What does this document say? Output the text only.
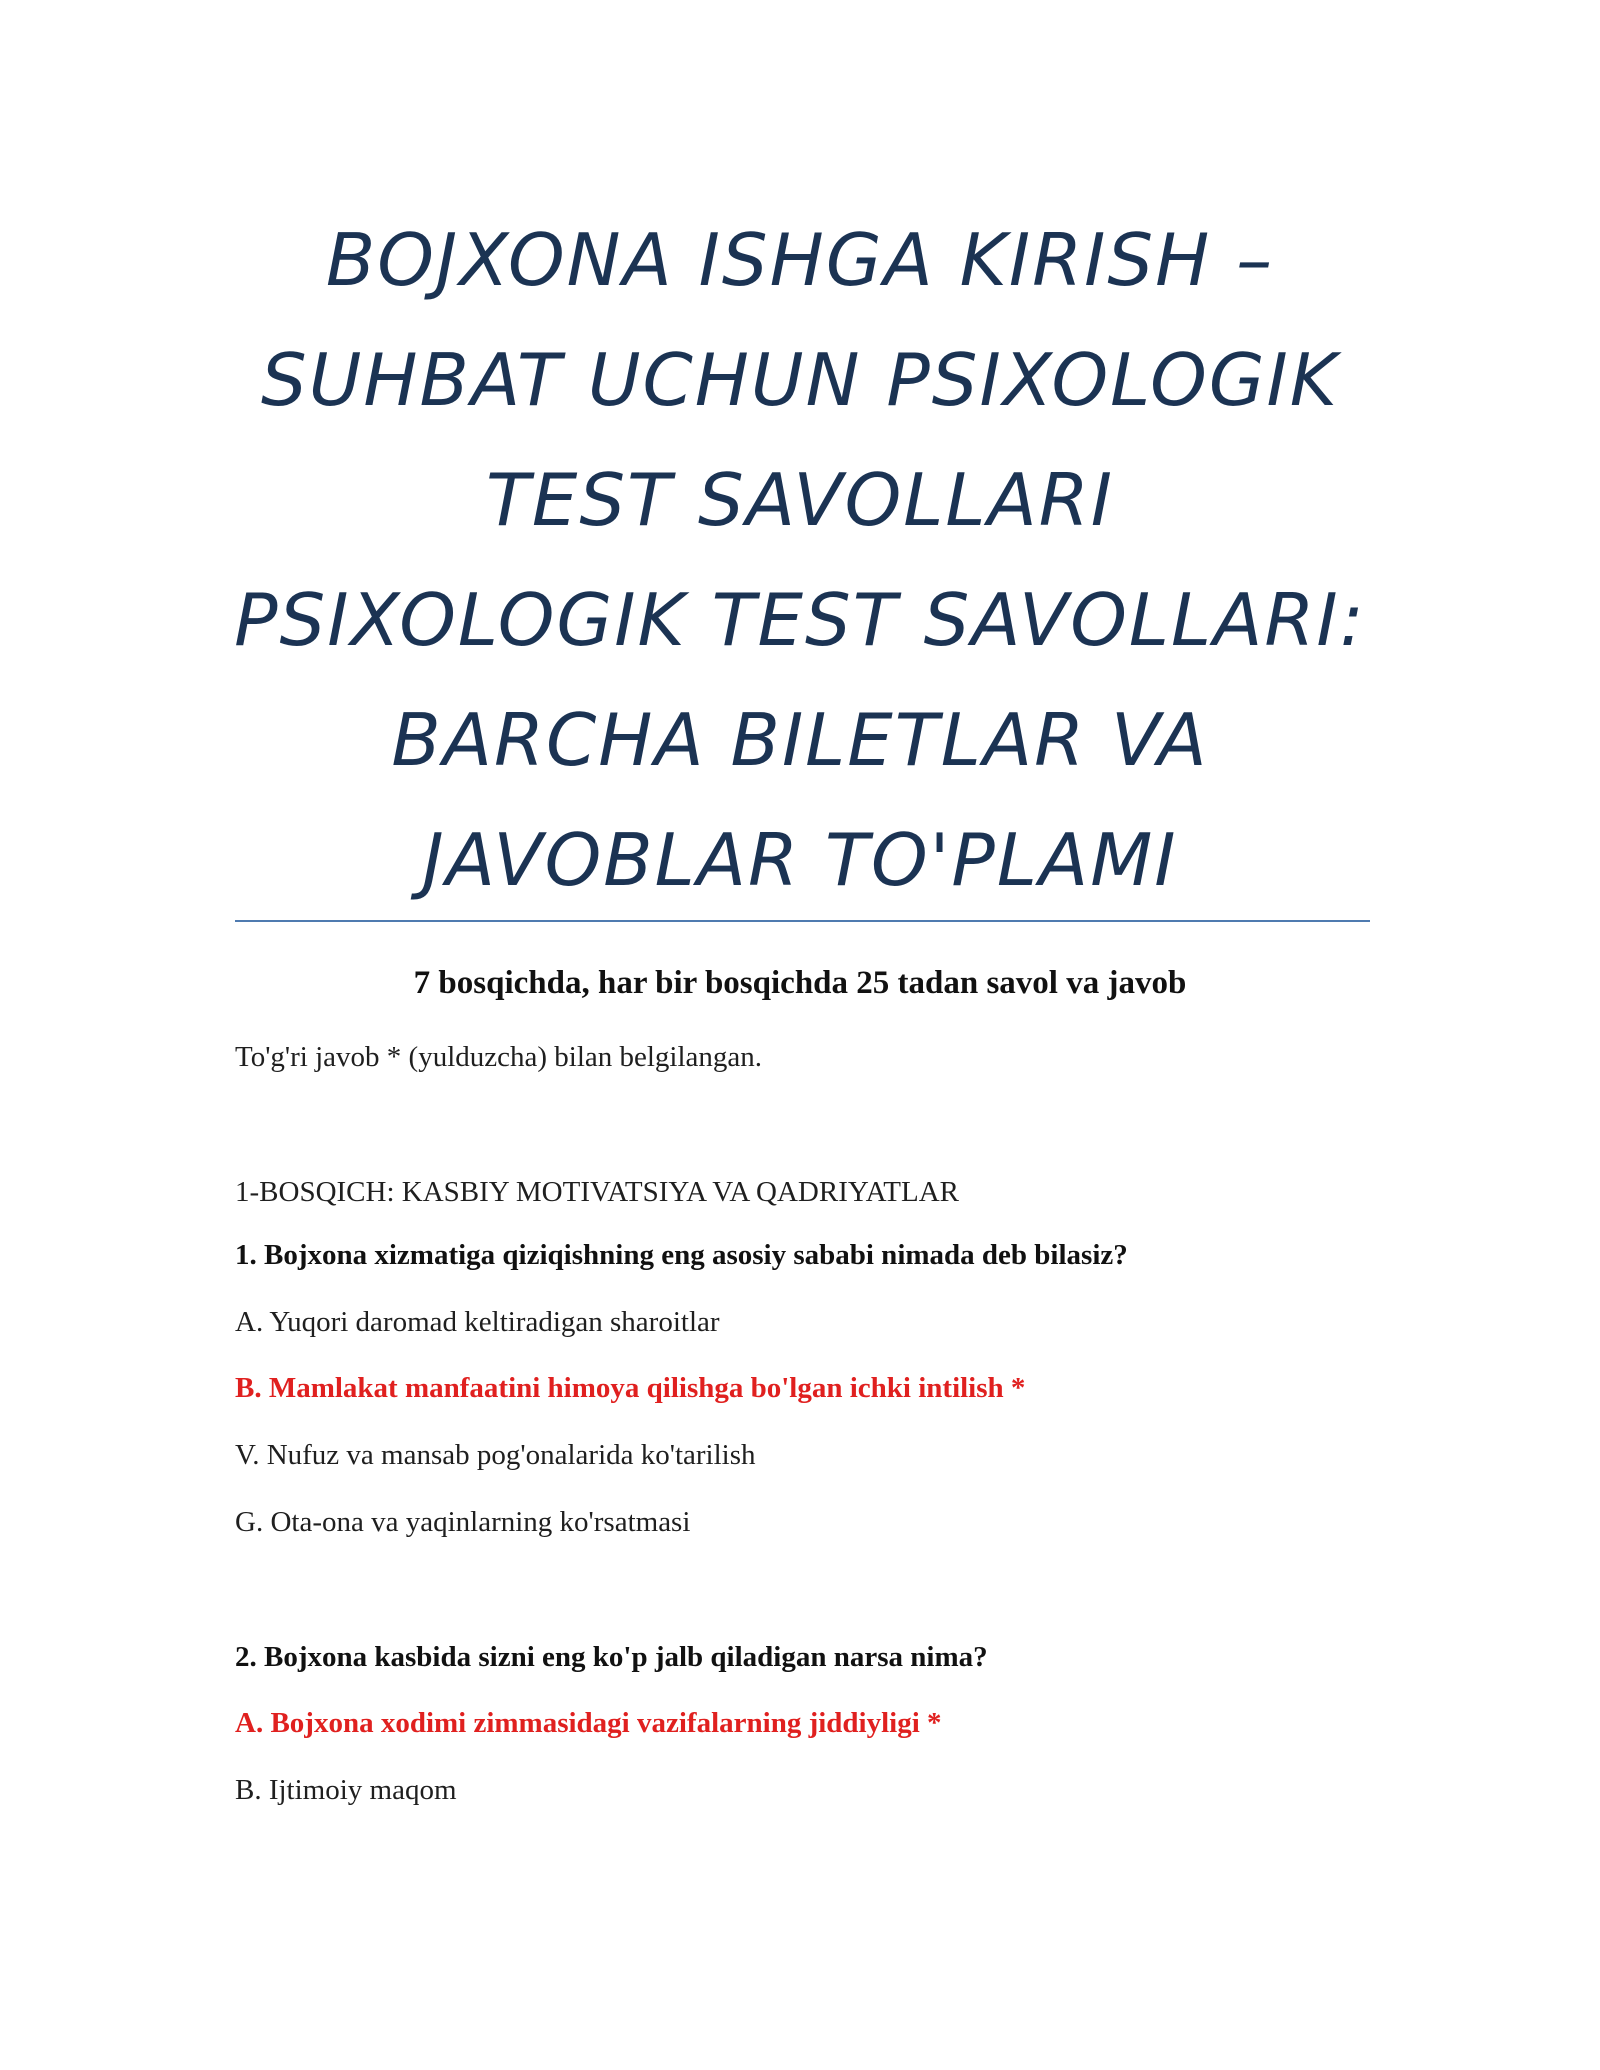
BOJXONA ISHGA KIRISH –
SUHBAT UCHUN PSIXOLOGIK
TEST SAVOLLARI
PSIXOLOGIK TEST SAVOLLARI:
BARCHA BILETLAR VA
JAVOBLAR TO'PLAMI
7 bosqichda, har bir bosqichda 25 tadan savol va javob
To'g'ri javob * (yulduzcha) bilan belgilangan.
1-BOSQICH: KASBIY MOTIVATSIYA VA QADRIYATLAR
1. Bojxona xizmatiga qiziqishning eng asosiy sababi nimada deb bilasiz?
A. Yuqori daromad keltiradigan sharoitlar
B. Mamlakat manfaatini himoya qilishga bo'lgan ichki intilish *
V. Nufuz va mansab pog'onalarida ko'tarilish
G. Ota-ona va yaqinlarning ko'rsatmasi
2. Bojxona kasbida sizni eng ko'p jalb qiladigan narsa nima?
A. Bojxona xodimi zimmasidagi vazifalarning jiddiyligi *
B. Ijtimoiy maqom
